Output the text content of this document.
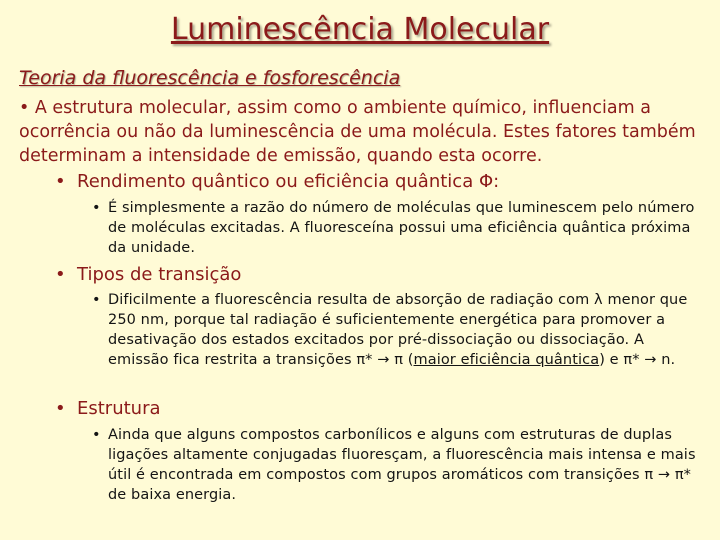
Luminescência Molecular
Teoria da fluorescência e fosforescência
• A estrutura molecular, assim como o ambiente químico, influenciam a ocorrência ou não da luminescência de uma molécula. Estes fatores também determinam a intensidade de emissão, quando esta ocorre.
• Rendimento quântico ou eficiência quântica Φ:
• É simplesmente a razão do número de moléculas que luminescem pelo número de moléculas excitadas. A fluoresceína possui uma eficiência quântica próxima da unidade.
• Tipos de transição
• Dificilmente a fluorescência resulta de absorção de radiação com λ menor que 250 nm, porque tal radiação é suficientemente energética para promover a desativação dos estados excitados por pré-dissociação ou dissociação. A emissão fica restrita a transições π* → π (maior eficiência quântica) e π* → n.
• Estrutura
• Ainda que alguns compostos carbonílicos e alguns com estruturas de duplas ligações altamente conjugadas fluoresçam, a fluorescência mais intensa e mais útil é encontrada em compostos com grupos aromáticos com transições π → π* de baixa energia.
